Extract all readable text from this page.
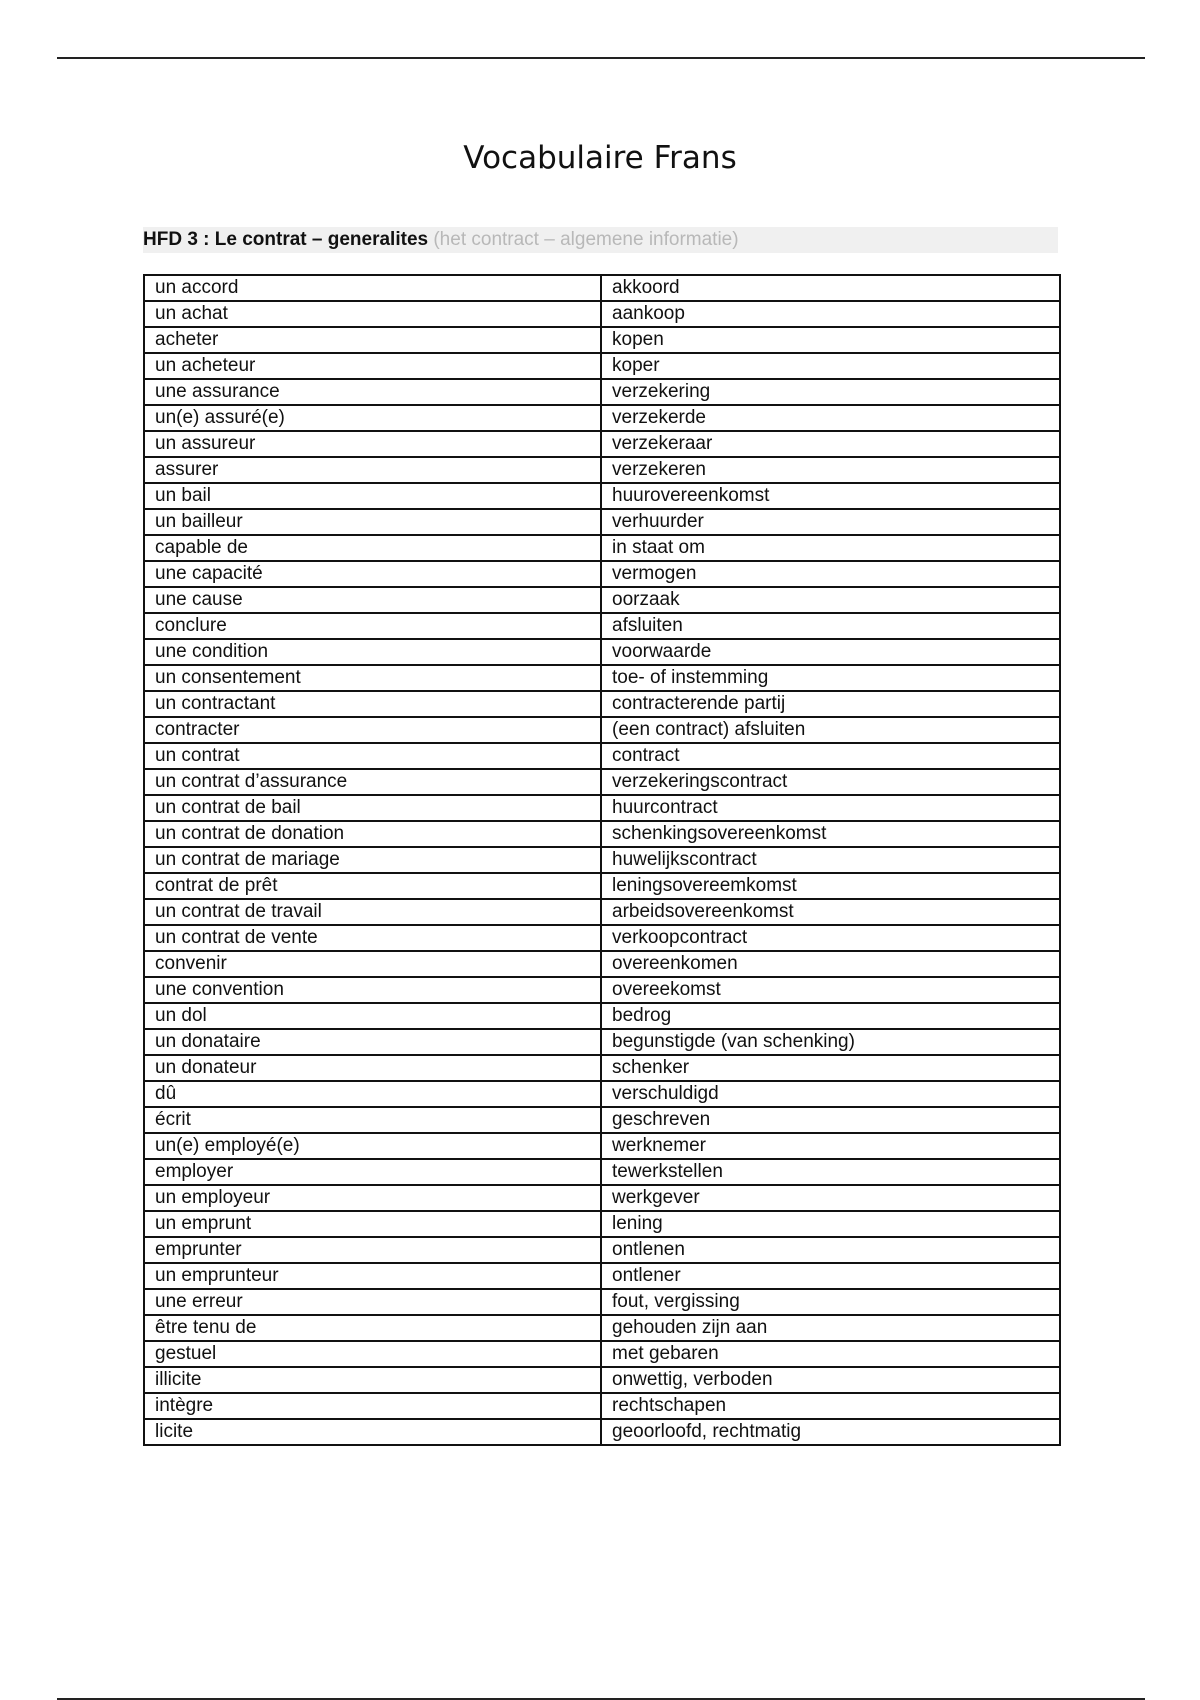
Vocabulaire Frans
HFD 3 : Le contrat – generalites (het contract – algemene informatie)
un accord	akkoord
un achat	aankoop
acheter	kopen
un acheteur	koper
une assurance	verzekering
un(e) assuré(e)	verzekerde
un assureur	verzekeraar
assurer	verzekeren
un bail	huurovereenkomst
un bailleur	verhuurder
capable de	in staat om
une capacité	vermogen
une cause	oorzaak
conclure	afsluiten
une condition	voorwaarde
un consentement	toe- of instemming
un contractant	contracterende partij
contracter	(een contract) afsluiten
un contrat	contract
un contrat d’assurance	verzekeringscontract
un contrat de bail	huurcontract
un contrat de donation	schenkingsovereenkomst
un contrat de mariage	huwelijkscontract
contrat de prêt	leningsovereemkomst
un contrat de travail	arbeidsovereenkomst
un contrat de vente	verkoopcontract
convenir	overeenkomen
une convention	overeekomst
un dol	bedrog
un donataire	begunstigde (van schenking)
un donateur	schenker
dû	verschuldigd
écrit	geschreven
un(e) employé(e)	werknemer
employer	tewerkstellen
un employeur	werkgever
un emprunt	lening
emprunter	ontlenen
un emprunteur	ontlener
une erreur	fout, vergissing
être tenu de	gehouden zijn aan
gestuel	met gebaren
illicite	onwettig, verboden
intègre	rechtschapen
licite	geoorloofd, rechtmatig
